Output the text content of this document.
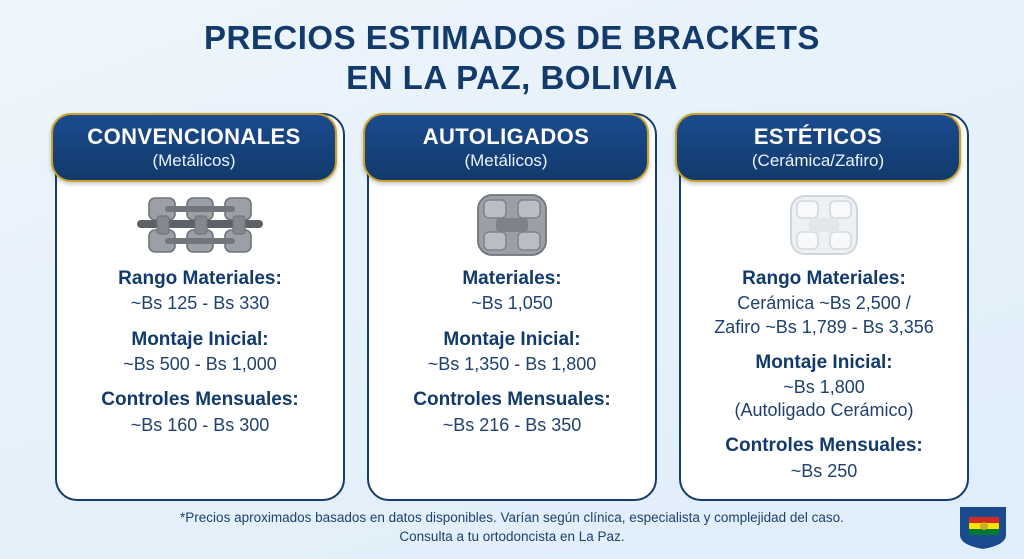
PRECIOS ESTIMADOS DE BRACKETS
EN LA PAZ, BOLIVIA
CONVENCIONALES
(Metálicos)
Rango Materiales:
~Bs 125 - Bs 330
Montaje Inicial:
~Bs 500 - Bs 1,000
Controles Mensuales:
~Bs 160 - Bs 300
AUTOLIGADOS
(Metálicos)
Materiales:
~Bs 1,050
Montaje Inicial:
~Bs 1,350 - Bs 1,800
Controles Mensuales:
~Bs 216 - Bs 350
ESTÉTICOS
(Cerámica/Zafiro)
Rango Materiales:
Cerámica ~Bs 2,500 /
Zafiro ~Bs 1,789 - Bs 3,356
Montaje Inicial:
~Bs 1,800
(Autoligado Cerámico)
Controles Mensuales:
~Bs 250
*Precios aproximados basados en datos disponibles. Varían según clínica, especialista y complejidad del caso.
Consulta a tu ortodoncista en La Paz.
